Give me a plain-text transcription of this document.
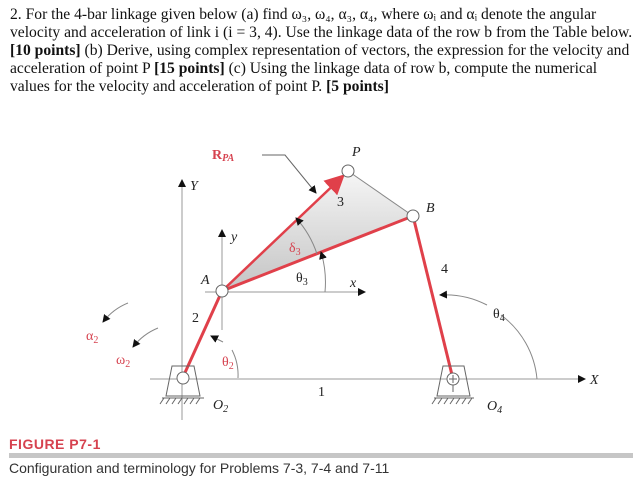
2. For the 4-bar linkage given below (a) find ω₃, ω₄, α₃, α₄, where ωᵢ and αᵢ denote the angular velocity and acceleration of link i (i = 3, 4). Use the linkage data of the row b from the Table below. [10 points] (b) Derive, using complex representation of vectors, the expression for the velocity and acceleration of point P [15 points] (c) Using the linkage data of row b, compute the numerical values for the velocity and acceleration of point P. [5 points]
RPA	P
B
A
Y
y
x
X
2
3
4
1
$\delta_3$
$\theta_3$
$\theta_2$
$\theta_4$
$\alpha_2$
$\omega_2$
$O_2$	$O_4$
FIGURE P7-1
Configuration and terminology for Problems 7-3, 7-4 and 7-11
